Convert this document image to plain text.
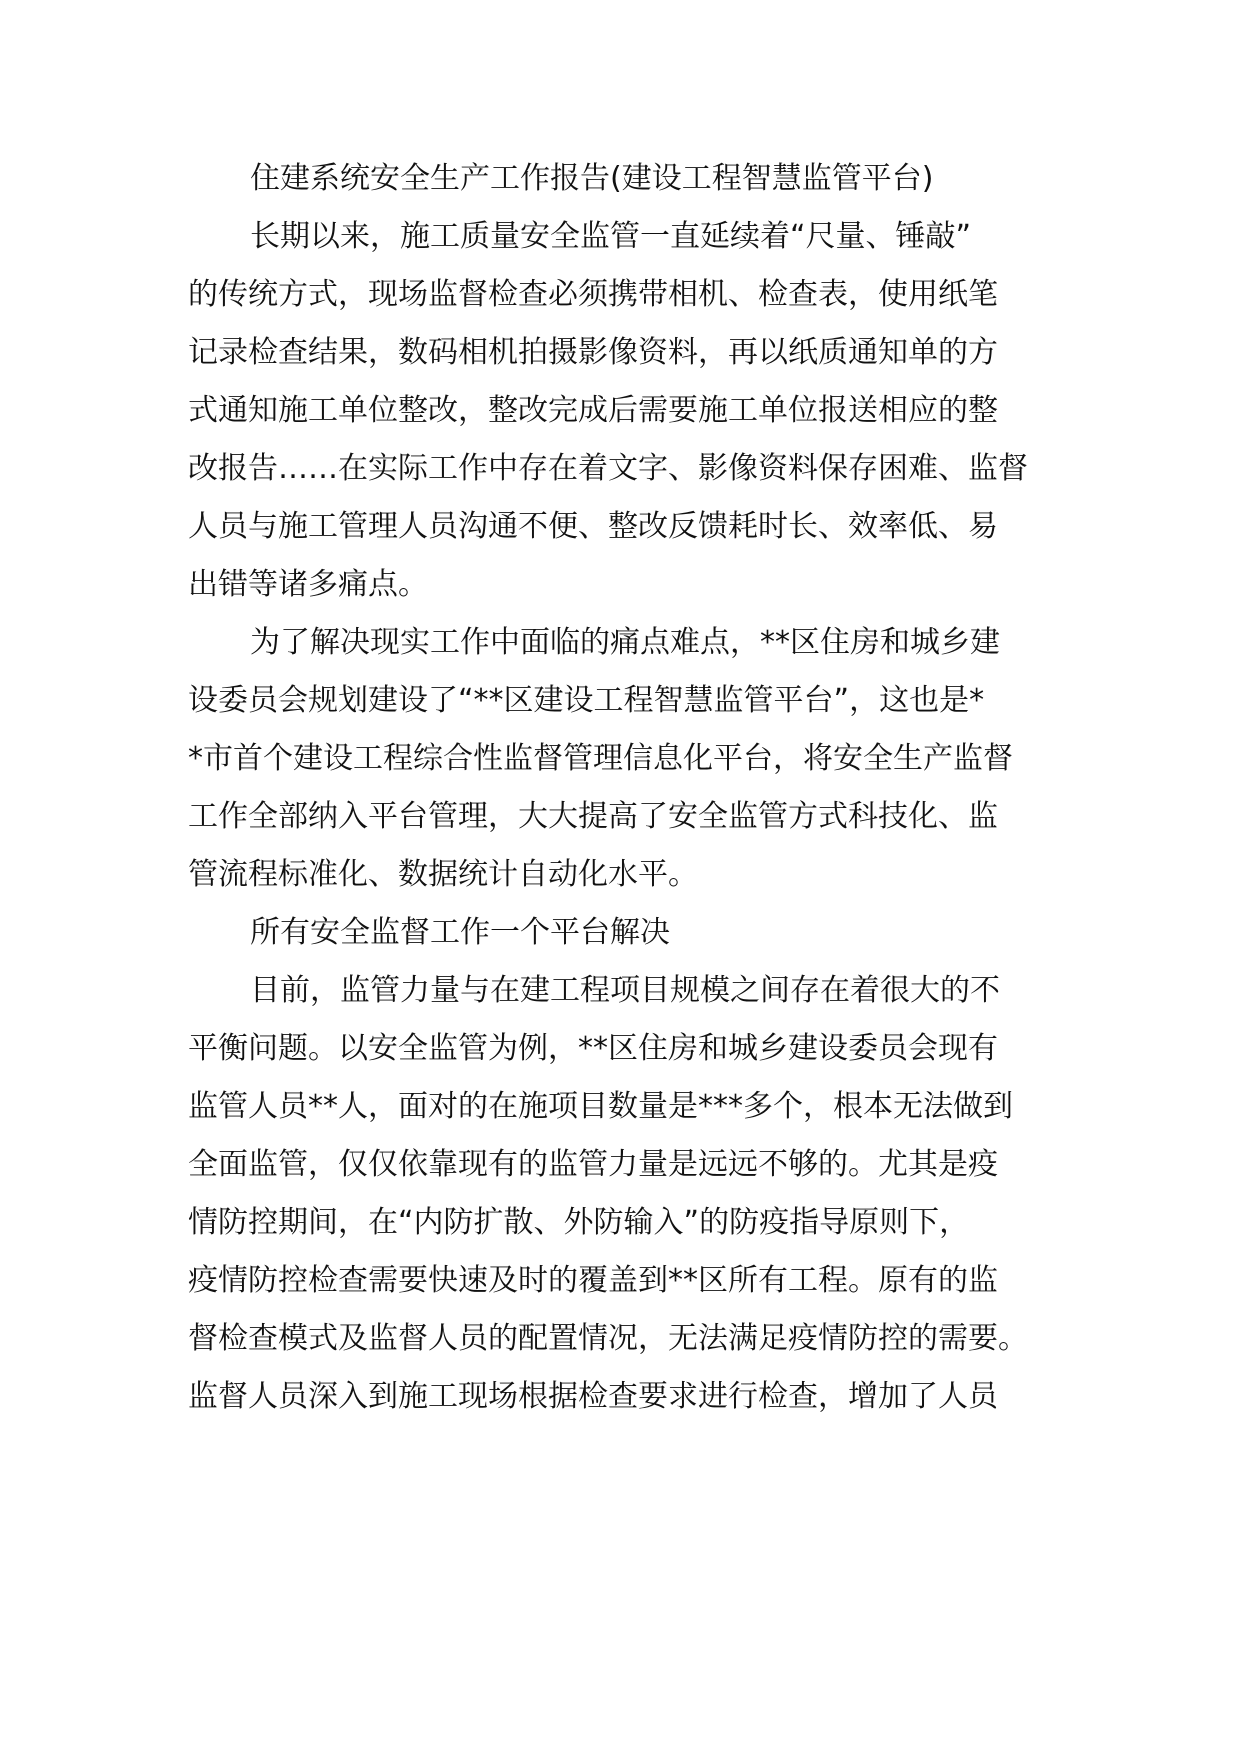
住建系统安全生产工作报告(建设工程智慧监管平台)
长期以来，施工质量安全监管一直延续着“尺量、锤敲”
的传统方式，现场监督检查必须携带相机、检查表，使用纸笔
记录检查结果，数码相机拍摄影像资料，再以纸质通知单的方
式通知施工单位整改，整改完成后需要施工单位报送相应的整
改报告……在实际工作中存在着文字、影像资料保存困难、监督
人员与施工管理人员沟通不便、整改反馈耗时长、效率低、易
出错等诸多痛点。
为了解决现实工作中面临的痛点难点，**区住房和城乡建
设委员会规划建设了“**区建设工程智慧监管平台”，这也是*
*市首个建设工程综合性监督管理信息化平台，将安全生产监督
工作全部纳入平台管理，大大提高了安全监管方式科技化、监
管流程标准化、数据统计自动化水平。
所有安全监督工作一个平台解决
目前，监管力量与在建工程项目规模之间存在着很大的不
平衡问题。以安全监管为例，**区住房和城乡建设委员会现有
监管人员**人，面对的在施项目数量是***多个，根本无法做到
全面监管，仅仅依靠现有的监管力量是远远不够的。尤其是疫
情防控期间，在“内防扩散、外防输入”的防疫指导原则下，
疫情防控检查需要快速及时的覆盖到**区所有工程。原有的监
督检查模式及监督人员的配置情况，无法满足疫情防控的需要。
监督人员深入到施工现场根据检查要求进行检查，增加了人员
